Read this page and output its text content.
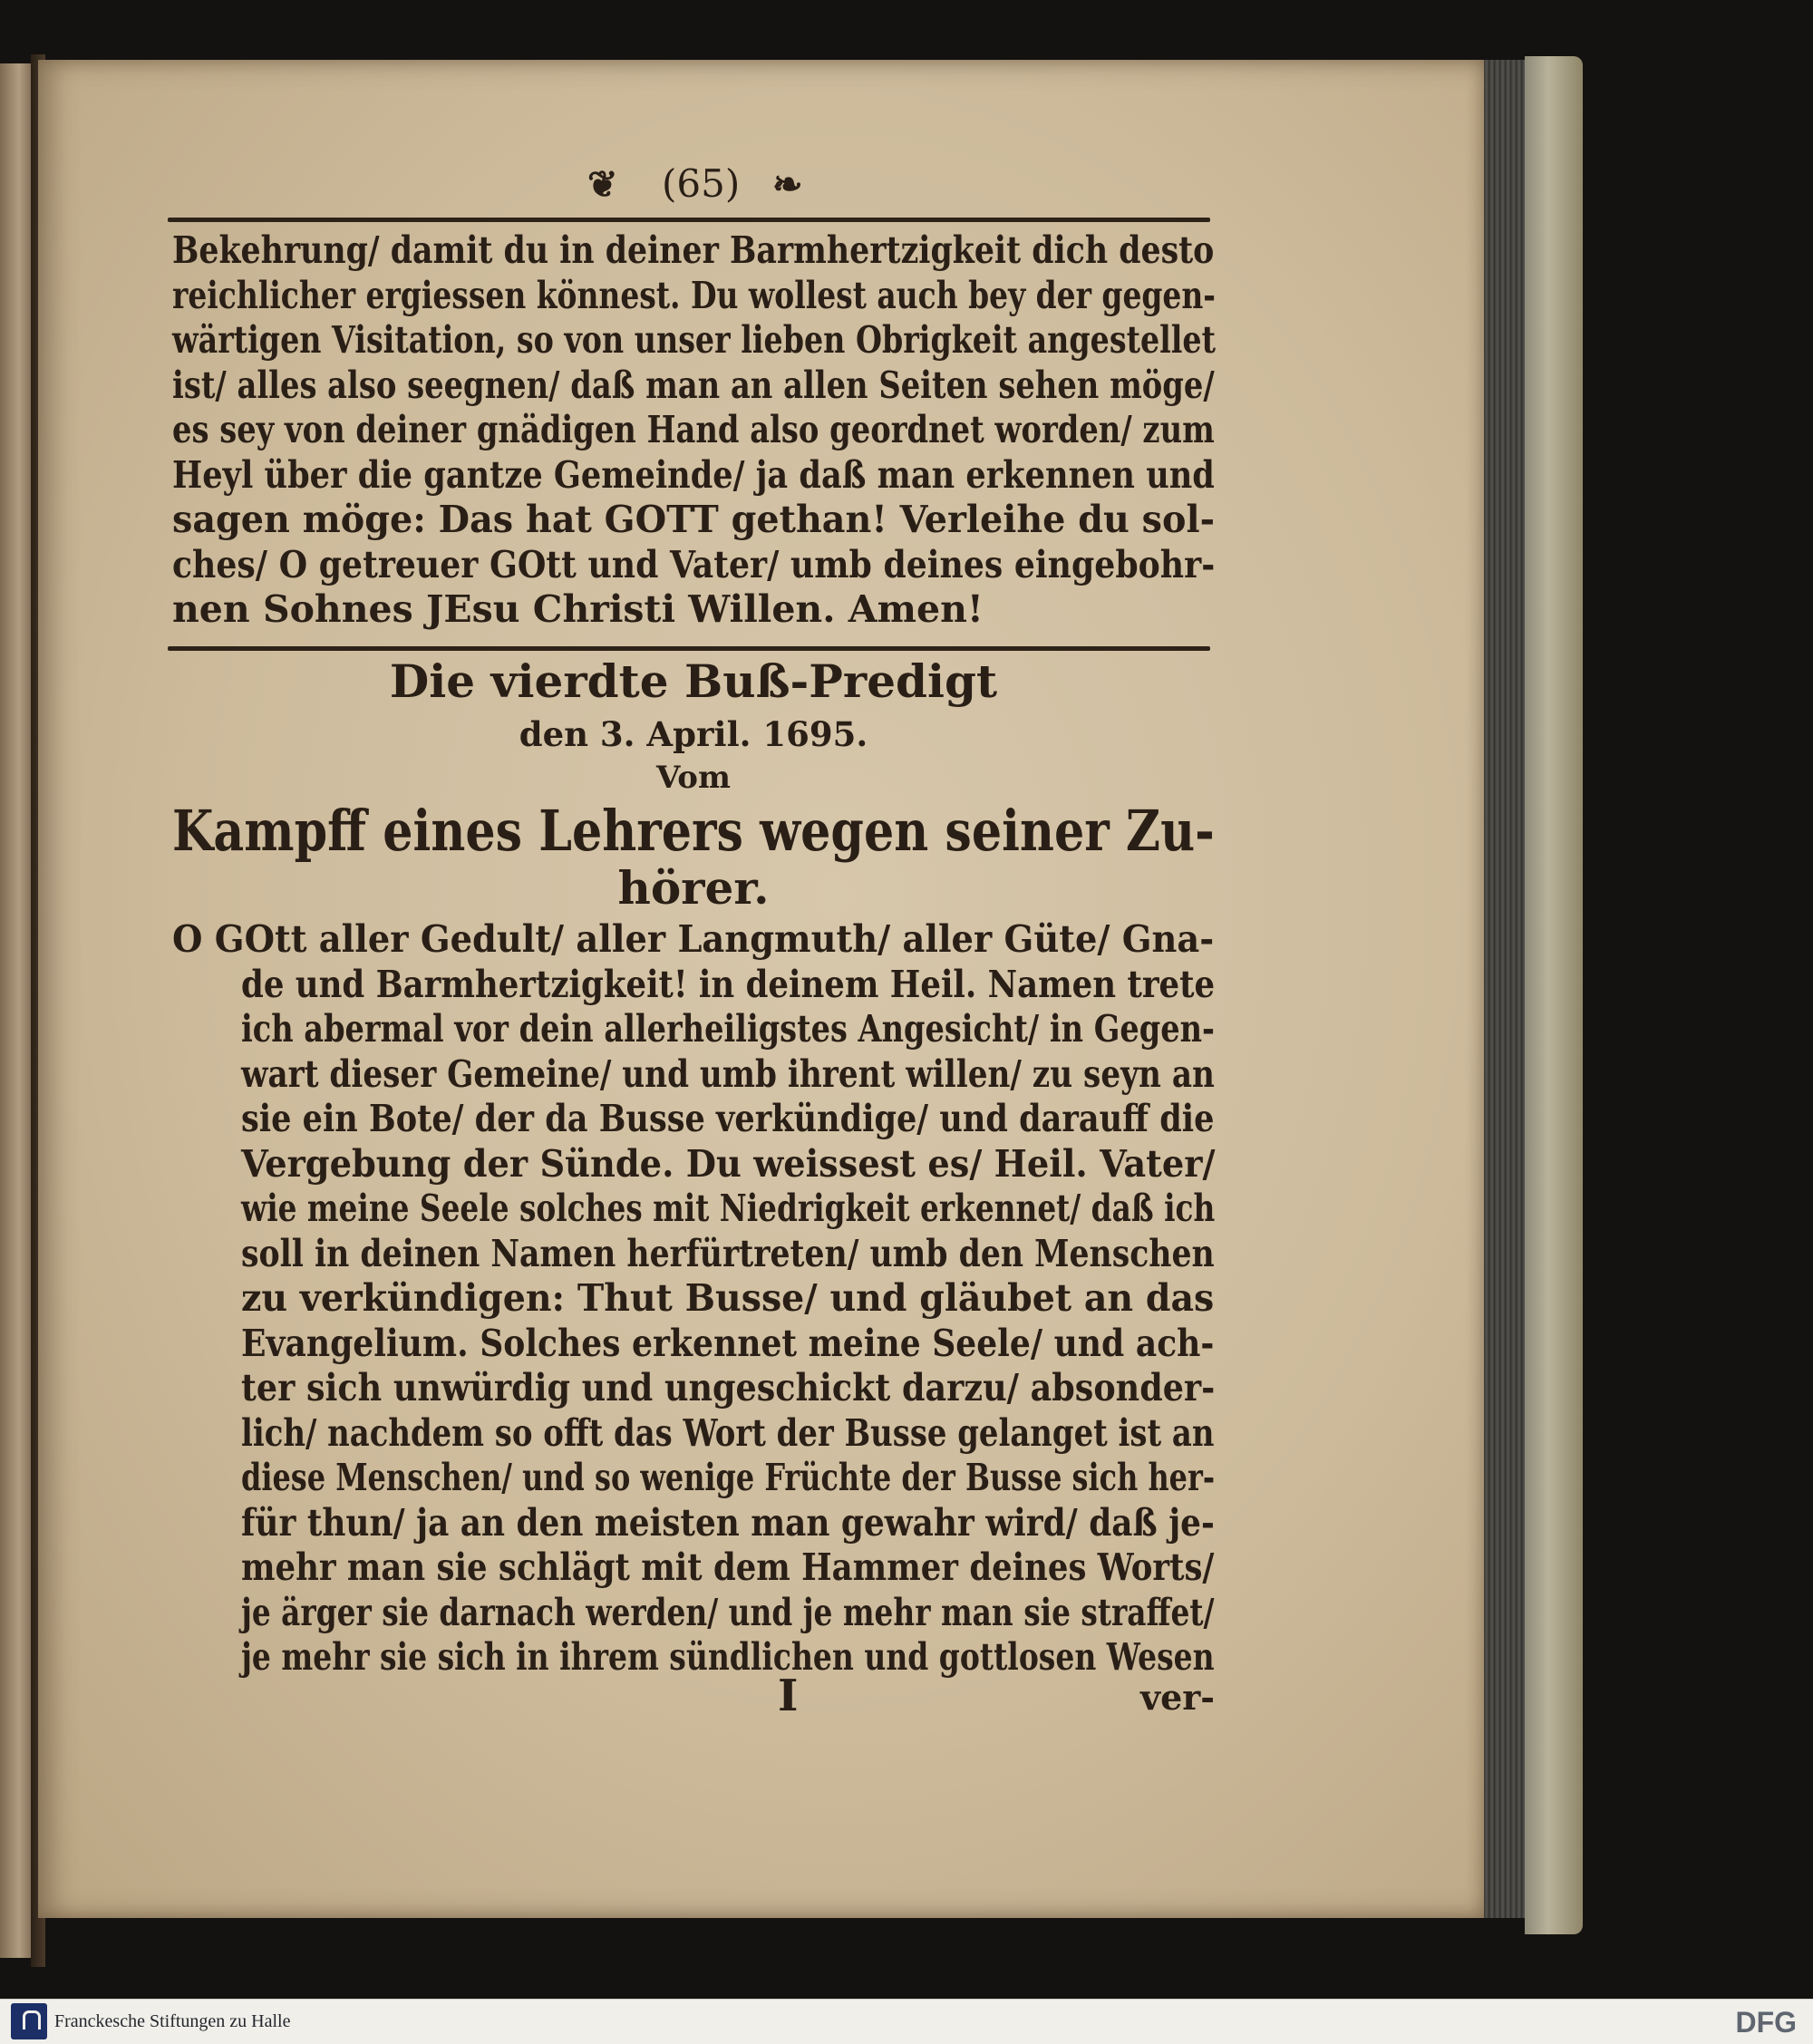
❦ (65) ❧
Bekehrung/ damit du in deiner Barmhertzigkeit dich desto
reichlicher ergiessen könnest. Du wollest auch bey der gegen-
wärtigen Visitation, so von unser lieben Obrigkeit angestellet
ist/ alles also seegnen/ daß man an allen Seiten sehen möge/
es sey von deiner gnädigen Hand also geordnet worden/ zum
Heyl über die gantze Gemeinde/ ja daß man erkennen und
sagen möge: Das hat GOTT gethan! Verleihe du sol-
ches/ O getreuer GOtt und Vater/ umb deines eingebohr-
nen Sohnes JEsu Christi Willen. Amen!
Die vierdte Buß-Predigt
den 3. April. 1695.
Vom
Kampff eines Lehrers wegen seiner Zu-
hörer.
O GOtt aller Gedult/ aller Langmuth/ aller Güte/ Gna-
de und Barmhertzigkeit! in deinem Heil. Namen trete
ich abermal vor dein allerheiligstes Angesicht/ in Gegen-
wart dieser Gemeine/ und umb ihrent willen/ zu seyn an
sie ein Bote/ der da Busse verkündige/ und darauff die
Vergebung der Sünde. Du weissest es/ Heil. Vater/
wie meine Seele solches mit Niedrigkeit erkennet/ daß ich
soll in deinen Namen herfürtreten/ umb den Menschen
zu verkündigen: Thut Busse/ und gläubet an das
Evangelium. Solches erkennet meine Seele/ und ach-
ter sich unwürdig und ungeschickt darzu/ absonder-
lich/ nachdem so offt das Wort der Busse gelanget ist an
diese Menschen/ und so wenige Früchte der Busse sich her-
für thun/ ja an den meisten man gewahr wird/ daß je-
mehr man sie schlägt mit dem Hammer deines Worts/
je ärger sie darnach werden/ und je mehr man sie straffet/
je mehr sie sich in ihrem sündlichen und gottlosen Wesen
I	ver-
Franckesche Stiftungen zu Halle	DFG
